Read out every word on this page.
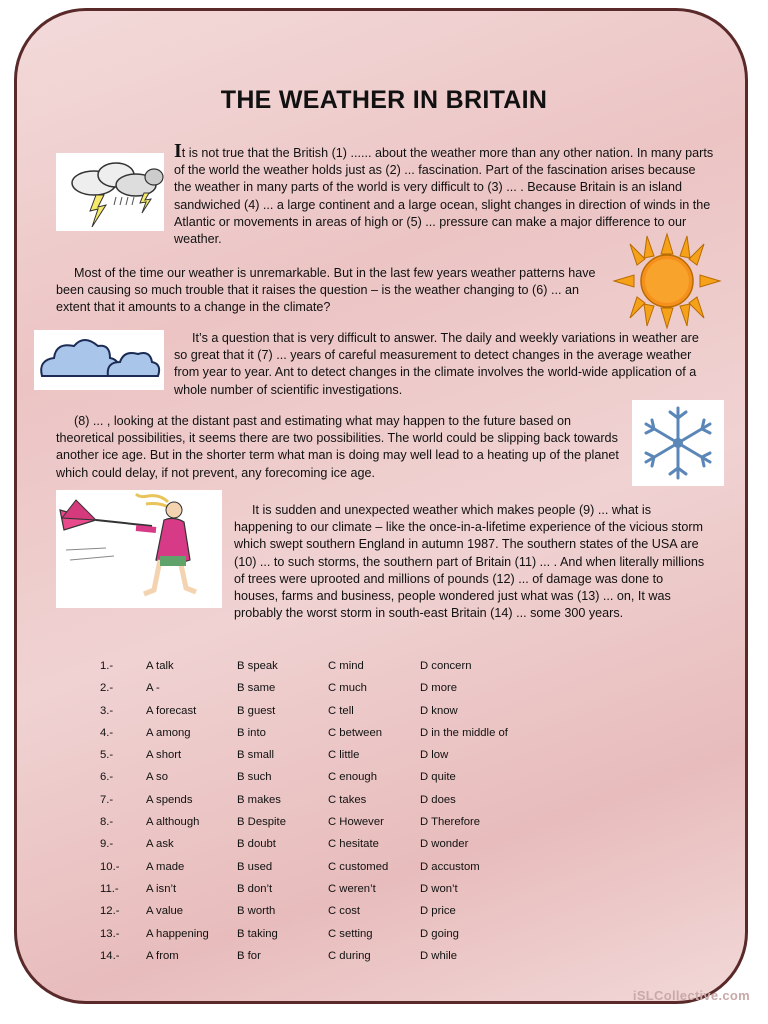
THE WEATHER IN BRITAIN
It is not true that the British (1) ...... about the weather more than any other nation. In many parts of the world the weather holds just as (2) ... fascination. Part of the fascination arises because the weather in many parts of the world is very difficult to (3) ... . Because Britain is an island sandwiched (4) ... a large continent and a large ocean, slight changes in direction of winds in the Atlantic or movements in areas of high or (5) ... pressure can make a major difference to our weather.
Most of the time our weather is unremarkable. But in the last few years weather patterns have been causing so much trouble that it raises the question – is the weather changing to (6) ... an extent that it amounts to a change in the climate?
It’s a question that is very difficult to answer. The daily and weekly variations in weather are so great that it (7) ... years of careful measurement to detect changes in the average weather from year to year. Ant to detect changes in the climate involves the world-wide application of a whole number of scientific investigations.
(8) ... , looking at the distant past and estimating what may happen to the future based on theoretical possibilities, it seems there are two possibilities. The world could be slipping back towards another ice age. But in the shorter term what man is doing may well lead to a heating up of the planet which could delay, if not prevent, any forecoming ice age.
It is sudden and unexpected weather which makes people (9) ... what is happening to our climate – like the once-in-a-lifetime experience of the vicious storm which swept southern England in autumn 1987. The southern states of the USA are (10) ... to such storms, the southern part of Britain (11) ... . And when literally millions of trees were uprooted and millions of pounds (12) ... of damage was done to houses, farms and business, people wondered just what was (13) ... on, It was probably the worst storm in south-east Britain (14) ... some 300 years.
1.-	A talk	B speak	C mind	D concern
2.-	A -	B same	C much	D more
3.-	A forecast	B guest	C tell	D know
4.-	A among	B into	C between	D in the middle of
5.-	A short	B small	C little	D low
6.-	A so	B such	C enough	D quite
7.-	A spends	B makes	C takes	D does
8.-	A although	B Despite	C However	D Therefore
9.-	A ask	B doubt	C hesitate	D wonder
10.- A made	B used	C customed	D accustom
11.- A isn’t	B don’t	C weren’t	D won’t
12.- A value	B worth	C cost	D price
13.- A happening B taking	C setting	D going
14.- A from	B for	C during	D while
iSLCollective.com
